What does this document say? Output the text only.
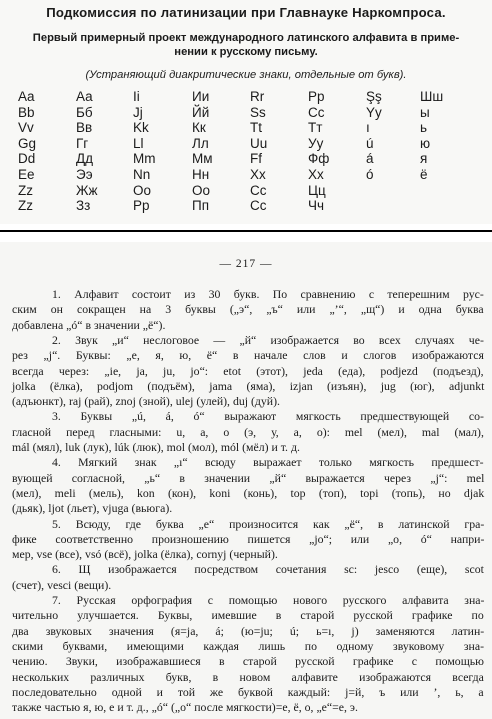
Подкомиссия по латинизации при Главнауке Наркомпроса.
Первый примерный проект международного латинского алфавита в приме-
нении к русскому письму.
(Устраняющий диакритические знаки, отдельные от букв).
Aa
Bb
Vv
Gg
Dd
Ee
Zz
Zz
Аа
Бб
Вв
Гг
Дд
Ээ
Жж
Зз
Ii
Jj
Kk
Ll
Mm
Nn
Oo
Pp
Ии
Йй
Кк
Лл
Мм
Нн
Оо
Пп
Rr
Ss
Tt
Uu
Ff
Xx
Cc
Cc
Рр
Сс
Тт
Уу
Фф
Хх
Цц
Чч
Şş
Yy
ı
ú
á
ó
Шш
ы
ь
ю
я
ё
— 217 —
1. Алфавит состоит из 30 букв. По сравнению с теперешним рус-
ским он сокращен на 3 буквы („э“, „ъ“ или „’“, „щ“) и одна буква
добавлена „ó“ в значении „ё“).
2. Звук „и“ неслоговое — „й“ изображается во всех случаях че-
рез „j“. Буквы: „е, я, ю, ё“ в начале слов и слогов изображаются
всегда через: „ie, ja, ju, jo“: etot (этот), jeda (еда), podjezd (подъезд),
jolka (ёлка), podjom (подъём), jama (яма), izjan (изъян), jug (юг), adjunkt
(адъюнкт), raj (рай), znoj (зной), ulej (улей), duj (дуй).
3. Буквы „ú, á, ó“ выражают мягкость предшествующей со-
гласной перед гласными: u, a, o (э, у, а, о): mel (мел), mal (мал),
mál (мял), luk (лук), lúk (люк), mol (мол), mól (мёл) и т. д.
4. Мягкий знак „ı“ всюду выражает только мягкость предшест-
вующей согласной, „ь“ в значении „й“ выражается через „j“: mel
(мел), meli (мель), kon (кон), koni (конь), top (топ), topi (топь), но djak
(дьяк), ljot (льет), vjuga (вьюга).
5. Всюду, где буква „е“ произносится как „ё“, в латинской гра-
фике соответственно произношению пишется „jo“; или „о, ó“ напри-
мер, vse (все), vsó (всё), jolka (ёлка), cornyj (черный).
6. Щ изображается посредством сочетания sc: jesco (еще), scot
(счет), vesci (вещи).
7. Русская орфография с помощью нового русского алфавита зна-
чительно улучшается. Буквы, имевшие в старой русской графике по
два звуковых значения (я=ja, á; (ю=ju; ú; ь=ı, j) заменяются латин-
скими буквами, имеющими каждая лишь по одному звуковому зна-
чению. Звуки, изображавшиеся в старой русской графике с помощью
нескольких различных букв, в новом алфавите изображаются всегда
последовательно одной и той же буквой каждый: j=й, ъ или ’, ь, а
также частью я, ю, е и т. д., „ó“ („о“ после мягкости)=е, ё, о, „е“=е, э.
